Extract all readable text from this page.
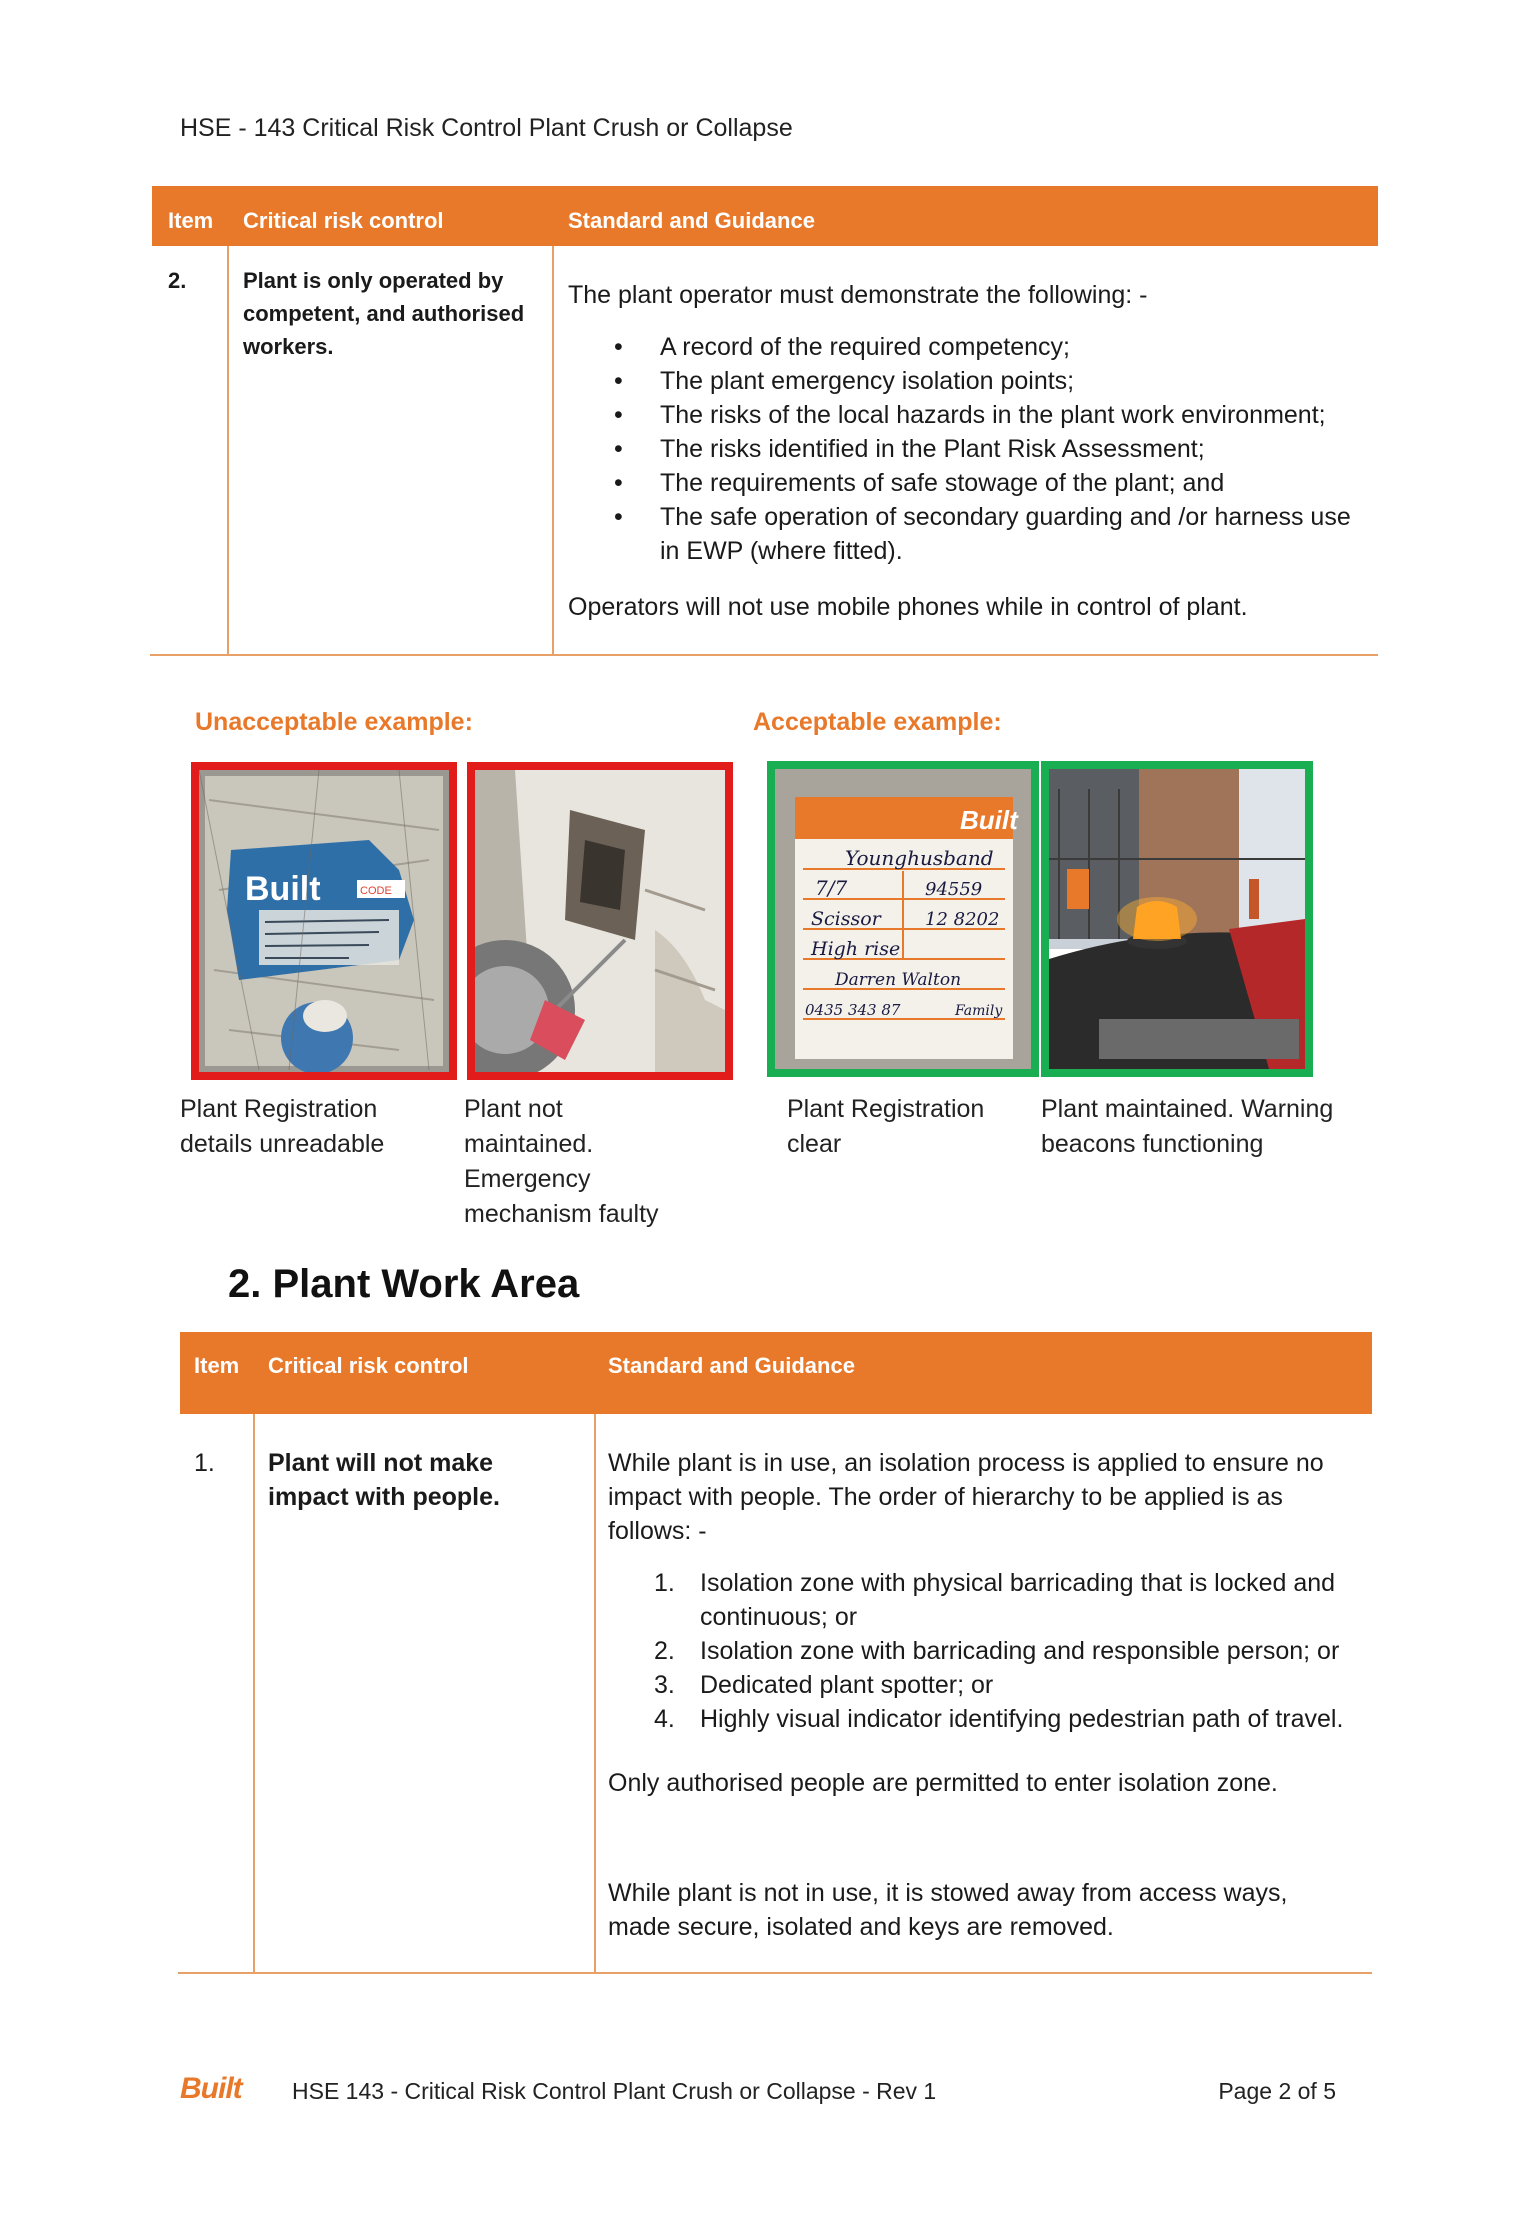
HSE - 143 Critical Risk Control Plant Crush or Collapse
Item Critical risk control	Standard and Guidance
2.	Plant is only operated by competent, and authorised workers.
The plant operator must demonstrate the following: -
• A record of the required competency;
• The plant emergency isolation points;
• The risks of the local hazards in the plant work environment;
• The risks identified in the Plant Risk Assessment;
• The requirements of safe stowage of the plant; and
• The safe operation of secondary guarding and /or harness use in EWP (where fitted).
Operators will not use mobile phones while in control of plant.
Unacceptable example:	Acceptable example:
Built	CODE
Built
Younghusband
7/7	94559
Scissor 12 8202
High rise
Darren Walton
0435 343 87	Family
Plant Registration details unreadable
Plant not maintained. Emergency mechanism faulty
Plant Registration clear
Plant maintained. Warning beacons functioning
2. Plant Work Area
Item Critical risk control	Standard and Guidance
1. Plant will not make impact with people.
While plant is in use, an isolation process is applied to ensure no impact with people. The order of hierarchy to be applied is as follows: -
1. Isolation zone with physical barricading that is locked and continuous; or
2. Isolation zone with barricading and responsible person; or
3. Dedicated plant spotter; or
4. Highly visual indicator identifying pedestrian path of travel.
Only authorised people are permitted to enter isolation zone.
While plant is not in use, it is stowed away from access ways, made secure, isolated and keys are removed.
Built HSE 143 - Critical Risk Control Plant Crush or Collapse - Rev 1	Page 2 of 5
